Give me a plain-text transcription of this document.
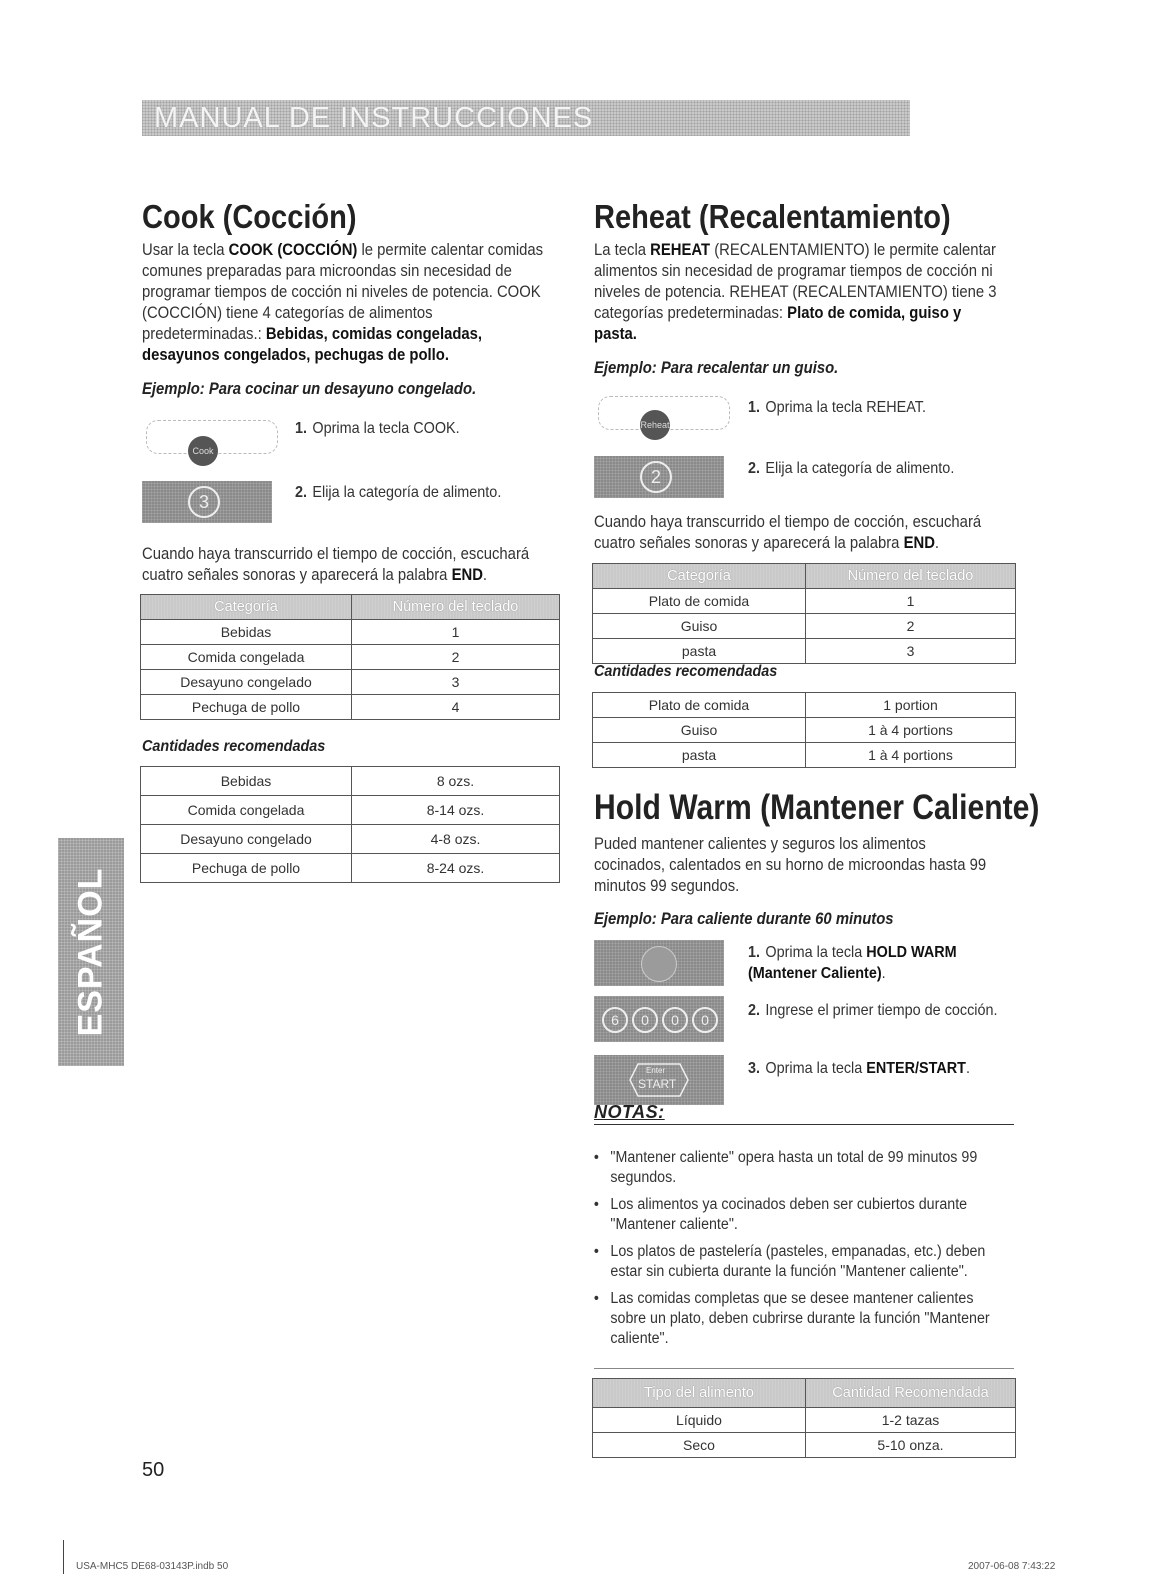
MANUAL DE INSTRUCCIONES
ESPAÑOL
Cook (Cocción)
Usar la tecla COOK (COCCIÓN) le permite calentar comidas comunes preparadas para microondas sin necesidad de programar tiempos de cocción ni niveles de potencia. COOK (COCCIÓN) tiene 4 categorías de alimentos predeterminadas.: Bebidas, comidas congeladas, desayunos congelados, pechugas de pollo.
Ejemplo: Para cocinar un desayuno congelado.
Cook
1. Oprima la tecla COOK.
3	2. Elija la categoría de alimento.
Cuando haya transcurrido el tiempo de cocción, escuchará cuatro señales sonoras y aparecerá la palabra END.
Categoría	Número del teclado
Bebidas	1
Comida congelada	2
Desayuno congelado	3
Pechuga de pollo	4
Cantidades recomendadas
Bebidas	8 ozs.
Comida congelada	8-14 ozs.
Desayuno congelado	4-8 ozs.
Pechuga de pollo	8-24 ozs.
Reheat (Recalentamiento)
La tecla REHEAT (RECALENTAMIENTO) le permite calentar alimentos sin necesidad de programar tiempos de cocción ni niveles de potencia. REHEAT (RECALENTAMIENTO) tiene 3 categorías predeterminadas: Plato de comida, guiso y pasta.
Ejemplo: Para recalentar un guiso.
Reheat
1. Oprima la tecla REHEAT.
2	2. Elija la categoría de alimento.
Cuando haya transcurrido el tiempo de cocción, escuchará cuatro señales sonoras y aparecerá la palabra END.
Categoría	Número del teclado
Plato de comida	1
Guiso	2
pasta	3
Cantidades recomendadas
Plato de comida	1 portion
Guiso	1 à 4 portions
pasta	1 à 4 portions
Hold Warm (Mantener Caliente)
Puded mantener calientes y seguros los alimentos cocinados, calentados en su horno de microondas hasta 99 minutos 99 segundos.
Ejemplo: Para caliente durante 60 minutos
1. Oprima la tecla HOLD WARM (Mantener Caliente).
6	0	0	0
2. Ingrese el primer tiempo de cocción.
Enter
START
3. Oprima la tecla ENTER/START.
NOTAS:
• "Mantener caliente" opera hasta un total de 99 minutos 99 segundos.
• Los alimentos ya cocinados deben ser cubiertos durante "Mantener caliente".
• Los platos de pastelería (pasteles, empanadas, etc.) deben estar sin cubierta durante la función "Mantener caliente".
• Las comidas completas que se desee mantener calientes sobre un plato, deben cubrirse durante la función "Mantener caliente".
Tipo del alimento	Cantidad Recomendada
Líquido	1-2 tazas
Seco	5-10 onza.
50
USA-MHC5 DE68-03143P.indb 50	2007-06-08 7:43:22
